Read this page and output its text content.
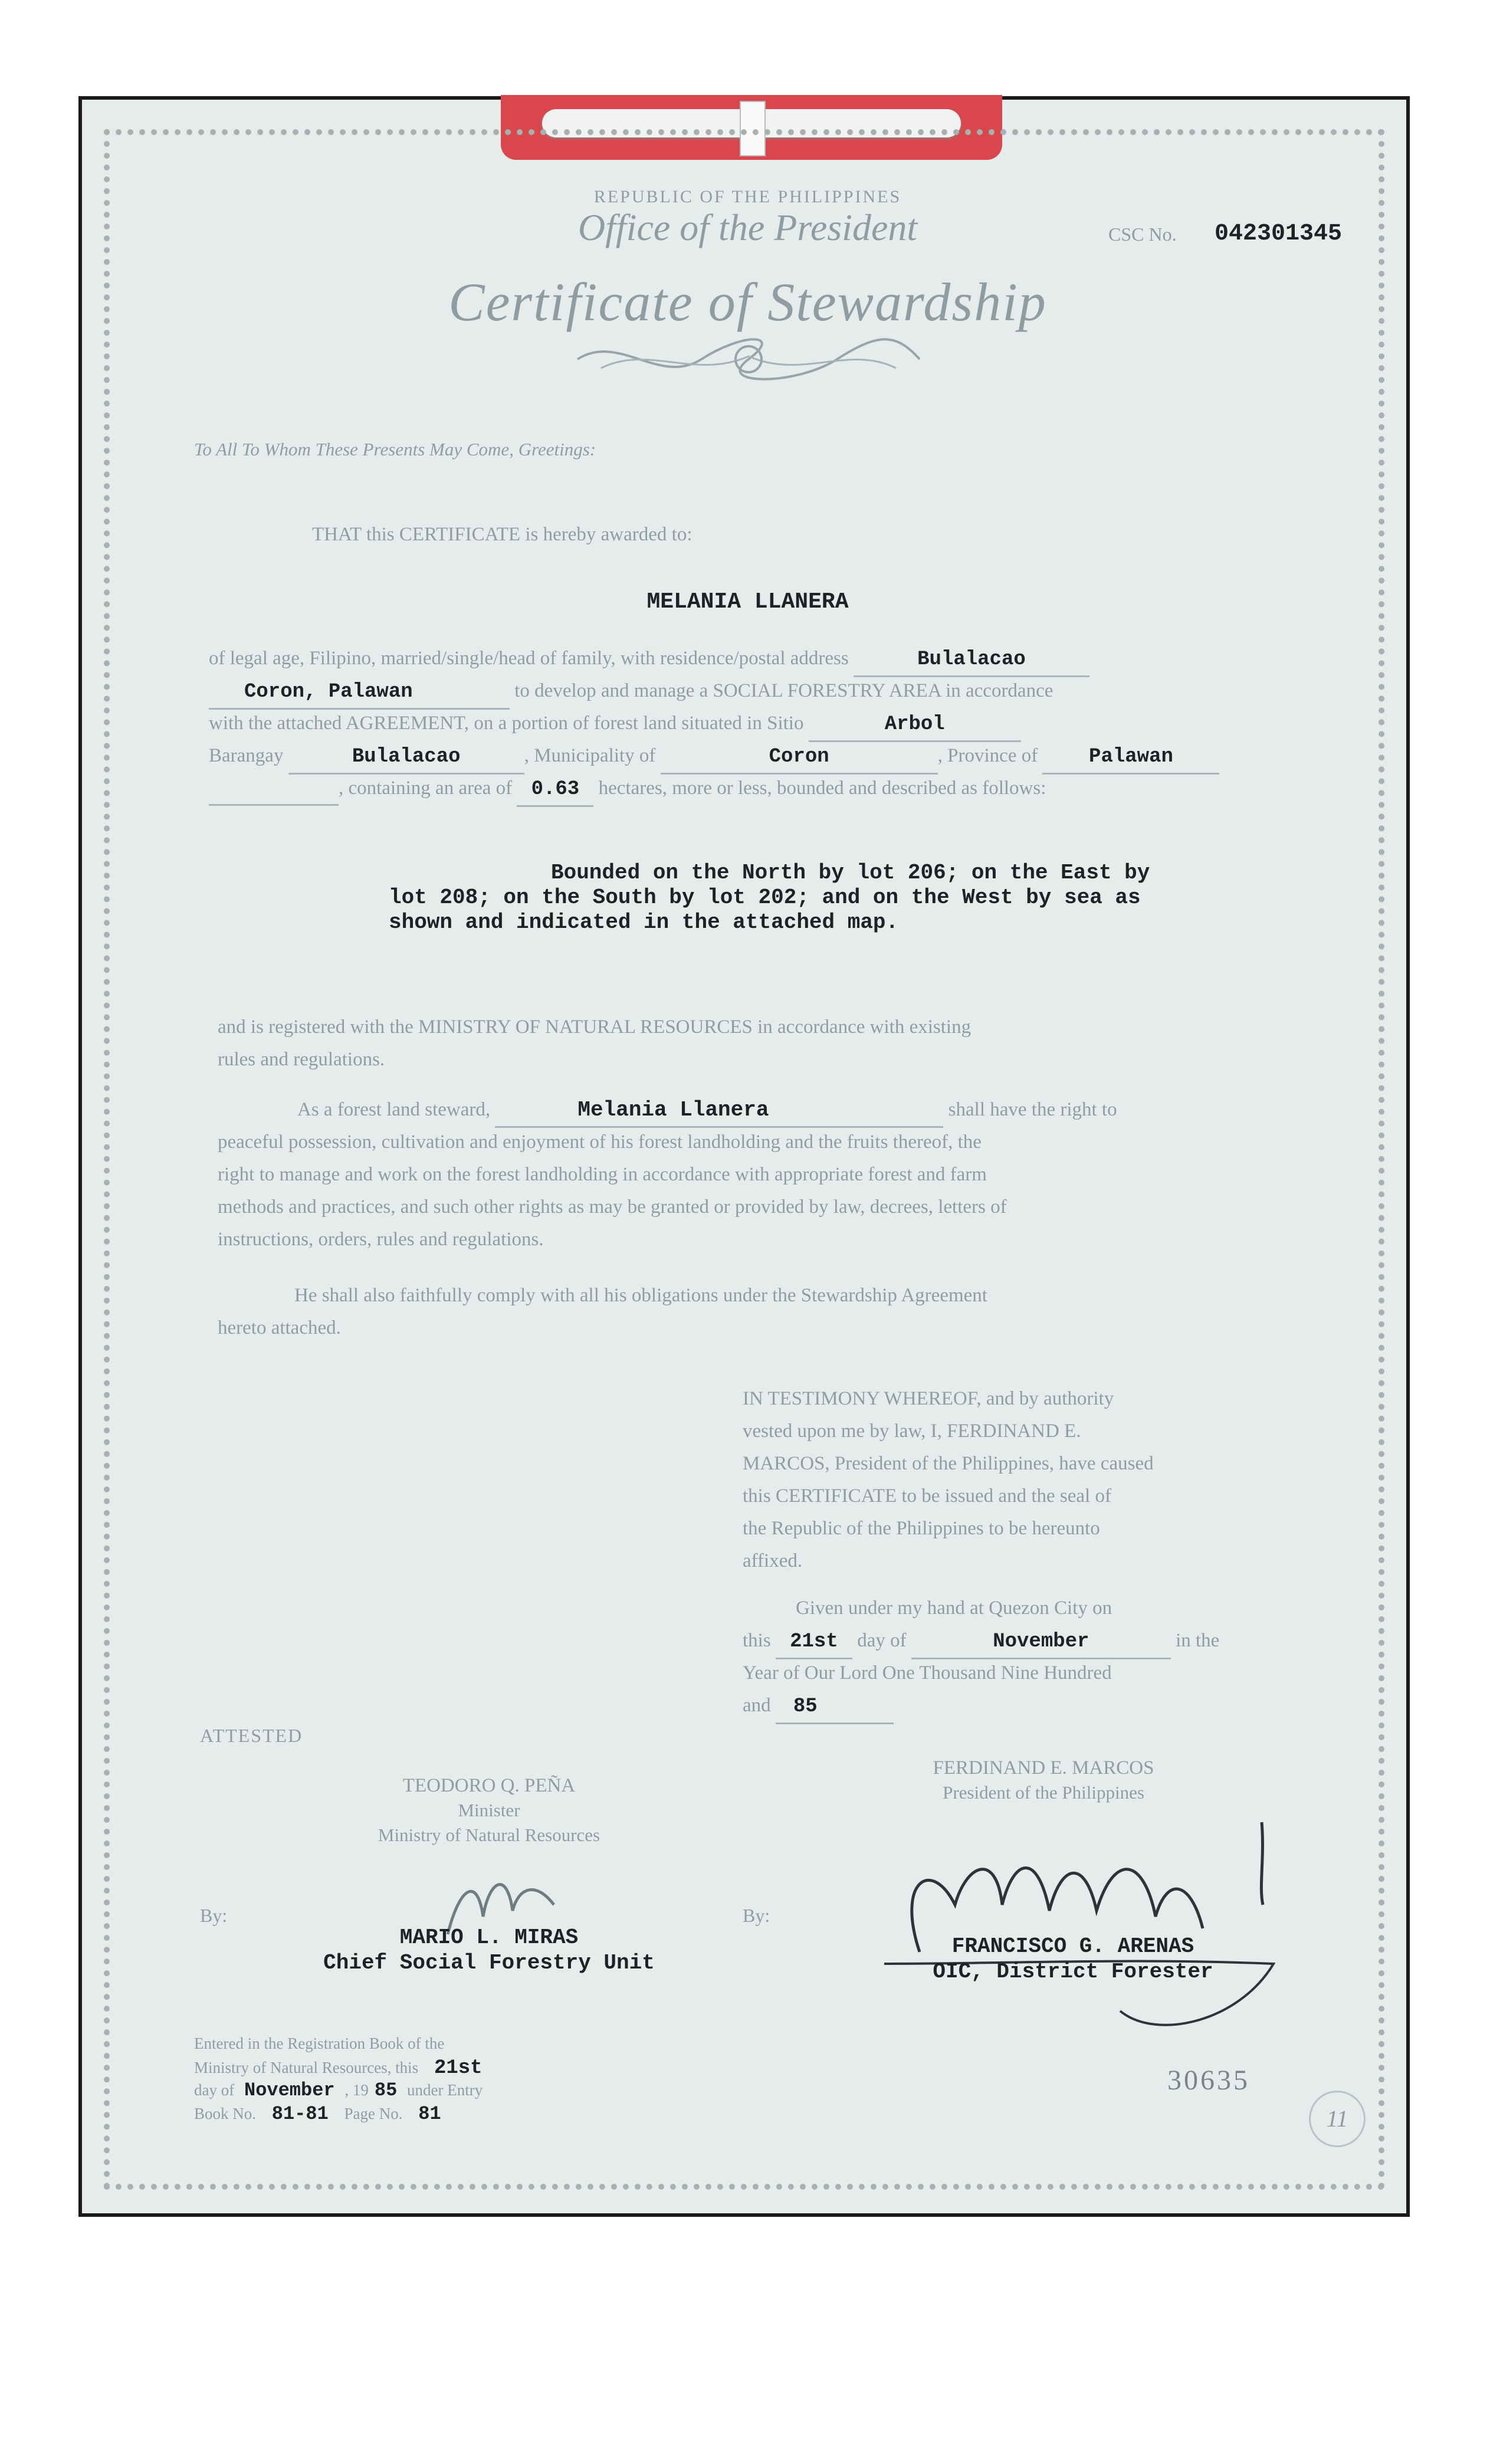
REPUBLIC OF THE PHILIPPINES
Office of the President	CSC No. 042301345
Certificate of Stewardship
To All To Whom These Presents May Come, Greetings:
THAT this CERTIFICATE is hereby awarded to:
MELANIA LLANERA
of legal age, Filipino, married/single/head of family, with residence/postal address	Bulalacao
Coron, Palawan	to develop and manage a SOCIAL FORESTRY AREA in accordance
with the attached AGREEMENT, on a portion of forest land situated in Sitio	Arbol
Barangay	Bulalacao	, Municipality of	Coron	, Province of	Palawan
, containing an area of 0.63 hectares, more or less, bounded and described as follows:
Bounded on the North by lot 206; on the East by
lot 208; on the South by lot 202; and on the West by sea as
shown and indicated in the attached map.
and is registered with the MINISTRY OF NATURAL RESOURCES in accordance with existing
rules and regulations.
As a forest land steward,	Melania Llanera	shall have the right to
peaceful possession, cultivation and enjoyment of his forest landholding and the fruits thereof, the
right to manage and work on the forest landholding in accordance with appropriate forest and farm
methods and practices, and such other rights as may be granted or provided by law, decrees, letters of
instructions, orders, rules and regulations.
He shall also faithfully comply with all his obligations under the Stewardship Agreement
hereto attached.
IN TESTIMONY WHEREOF, and by authority
vested upon me by law, I, FERDINAND E.
MARCOS, President of the Philippines, have caused
this CERTIFICATE to be issued and the seal of
the Republic of the Philippines to be hereunto
affixed.
Given under my hand at Quezon City on
this 21st day of	November	in the
Year of Our Lord One Thousand Nine Hundred
and 85
ATTESTED
TEODORO Q. PEÑA
Minister
Ministry of Natural Resources
By:
MARIO L. MIRAS
Chief Social Forestry Unit
FERDINAND E. MARCOS
President of the Philippines
By:
FRANCISCO G. ARENAS
OIC, District Forester
Entered in the Registration Book of the
Ministry of Natural Resources, this 21st
day of November , 19 85 under Entry
Book No. 81-81 Page No. 81
30635
11
